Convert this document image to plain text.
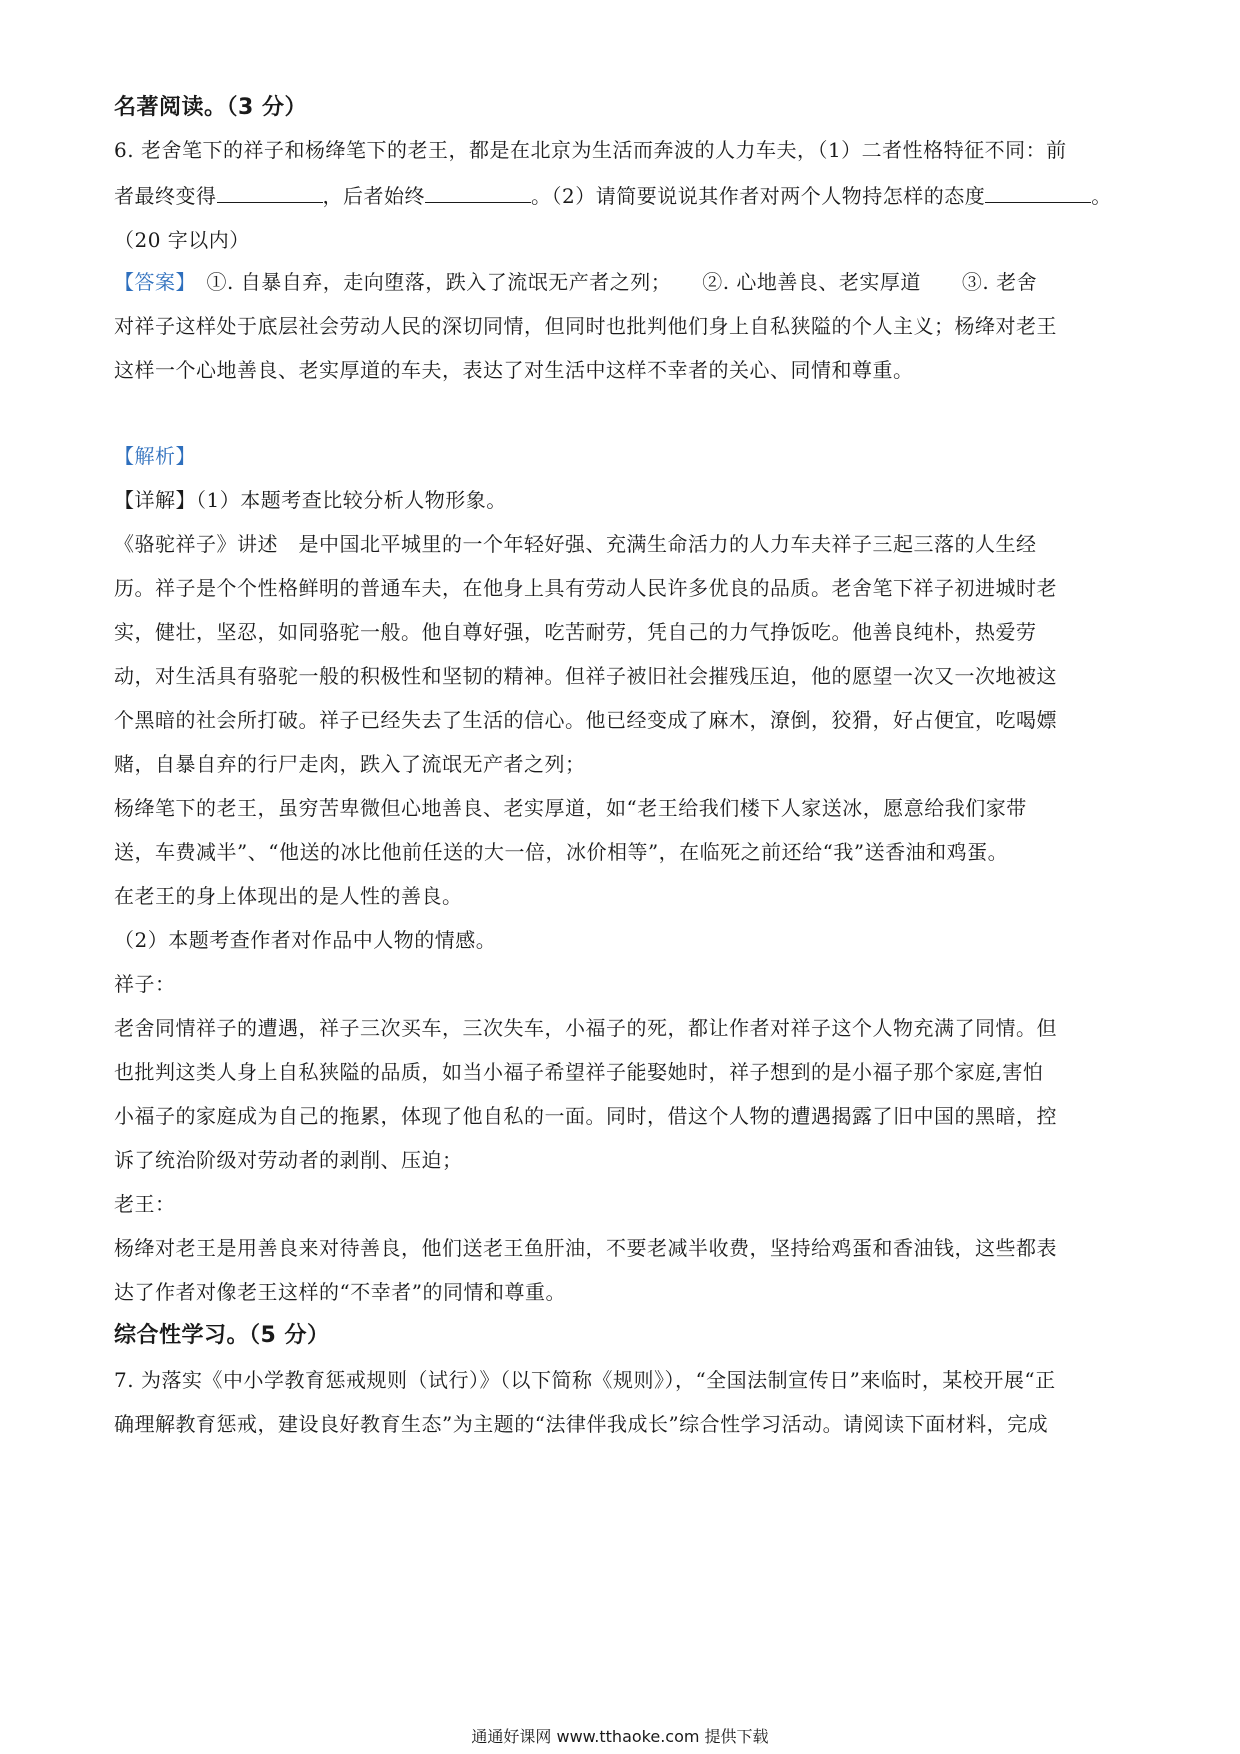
名著阅读。（3 分）
6. 老舍笔下的祥子和杨绛笔下的老王，都是在北京为生活而奔波的人力车夫，（1）二者性格特征不同：前
者最终变得	，后者始终	。（2）请简要说说其作者对两个人物持怎样的态度	。
（20 字以内）
【答案】　 ①. 自暴自弃，走向堕落，跌入了流氓无产者之列；　　②. 心地善良、老实厚道　　③. 老舍
对祥子这样处于底层社会劳动人民的深切同情，但同时也批判他们身上自私狭隘的个人主义；杨绛对老王
这样一个心地善良、老实厚道的车夫，表达了对生活中这样不幸者的关心、同情和尊重。
【解析】
【详解】（1）本题考查比较分析人物形象。
《骆驼祥子》讲述　是中国北平城里的一个年轻好强、充满生命活力的人力车夫祥子三起三落的人生经
历。祥子是个个性格鲜明的普通车夫，在他身上具有劳动人民许多优良的品质。老舍笔下祥子初进城时老
实，健壮，坚忍，如同骆驼一般。他自尊好强，吃苦耐劳，凭自己的力气挣饭吃。他善良纯朴，热爱劳
动，对生活具有骆驼一般的积极性和坚韧的精神。但祥子被旧社会摧残压迫，他的愿望一次又一次地被这
个黑暗的社会所打破。祥子已经失去了生活的信心。他已经变成了麻木，潦倒，狡猾，好占便宜，吃喝嫖
赌，自暴自弃的行尸走肉，跌入了流氓无产者之列；
杨绛笔下的老王，虽穷苦卑微但心地善良、老实厚道，如“老王给我们楼下人家送冰，愿意给我们家带
送，车费减半”、“他送的冰比他前任送的大一倍，冰价相等”，在临死之前还给“我”送香油和鸡蛋。
在老王的身上体现出的是人性的善良。
（2）本题考查作者对作品中人物的情感。
祥子：
老舍同情祥子的遭遇，祥子三次买车，三次失车，小福子的死，都让作者对祥子这个人物充满了同情。但
也批判这类人身上自私狭隘的品质，如当小福子希望祥子能娶她时，祥子想到的是小福子那个家庭,害怕
小福子的家庭成为自己的拖累，体现了他自私的一面。同时，借这个人物的遭遇揭露了旧中国的黑暗，控
诉了统治阶级对劳动者的剥削、压迫；
老王：
杨绛对老王是用善良来对待善良，他们送老王鱼肝油，不要老减半收费，坚持给鸡蛋和香油钱，这些都表
达了作者对像老王这样的“不幸者”的同情和尊重。
综合性学习。（5 分）
7. 为落实《中小学教育惩戒规则（试行）》（以下简称《规则》），“全国法制宣传日”来临时，某校开展“正
确理解教育惩戒，建设良好教育生态”为主题的“法律伴我成长”综合性学习活动。请阅读下面材料，完成
通通好课网 www.tthaoke.com 提供下载
